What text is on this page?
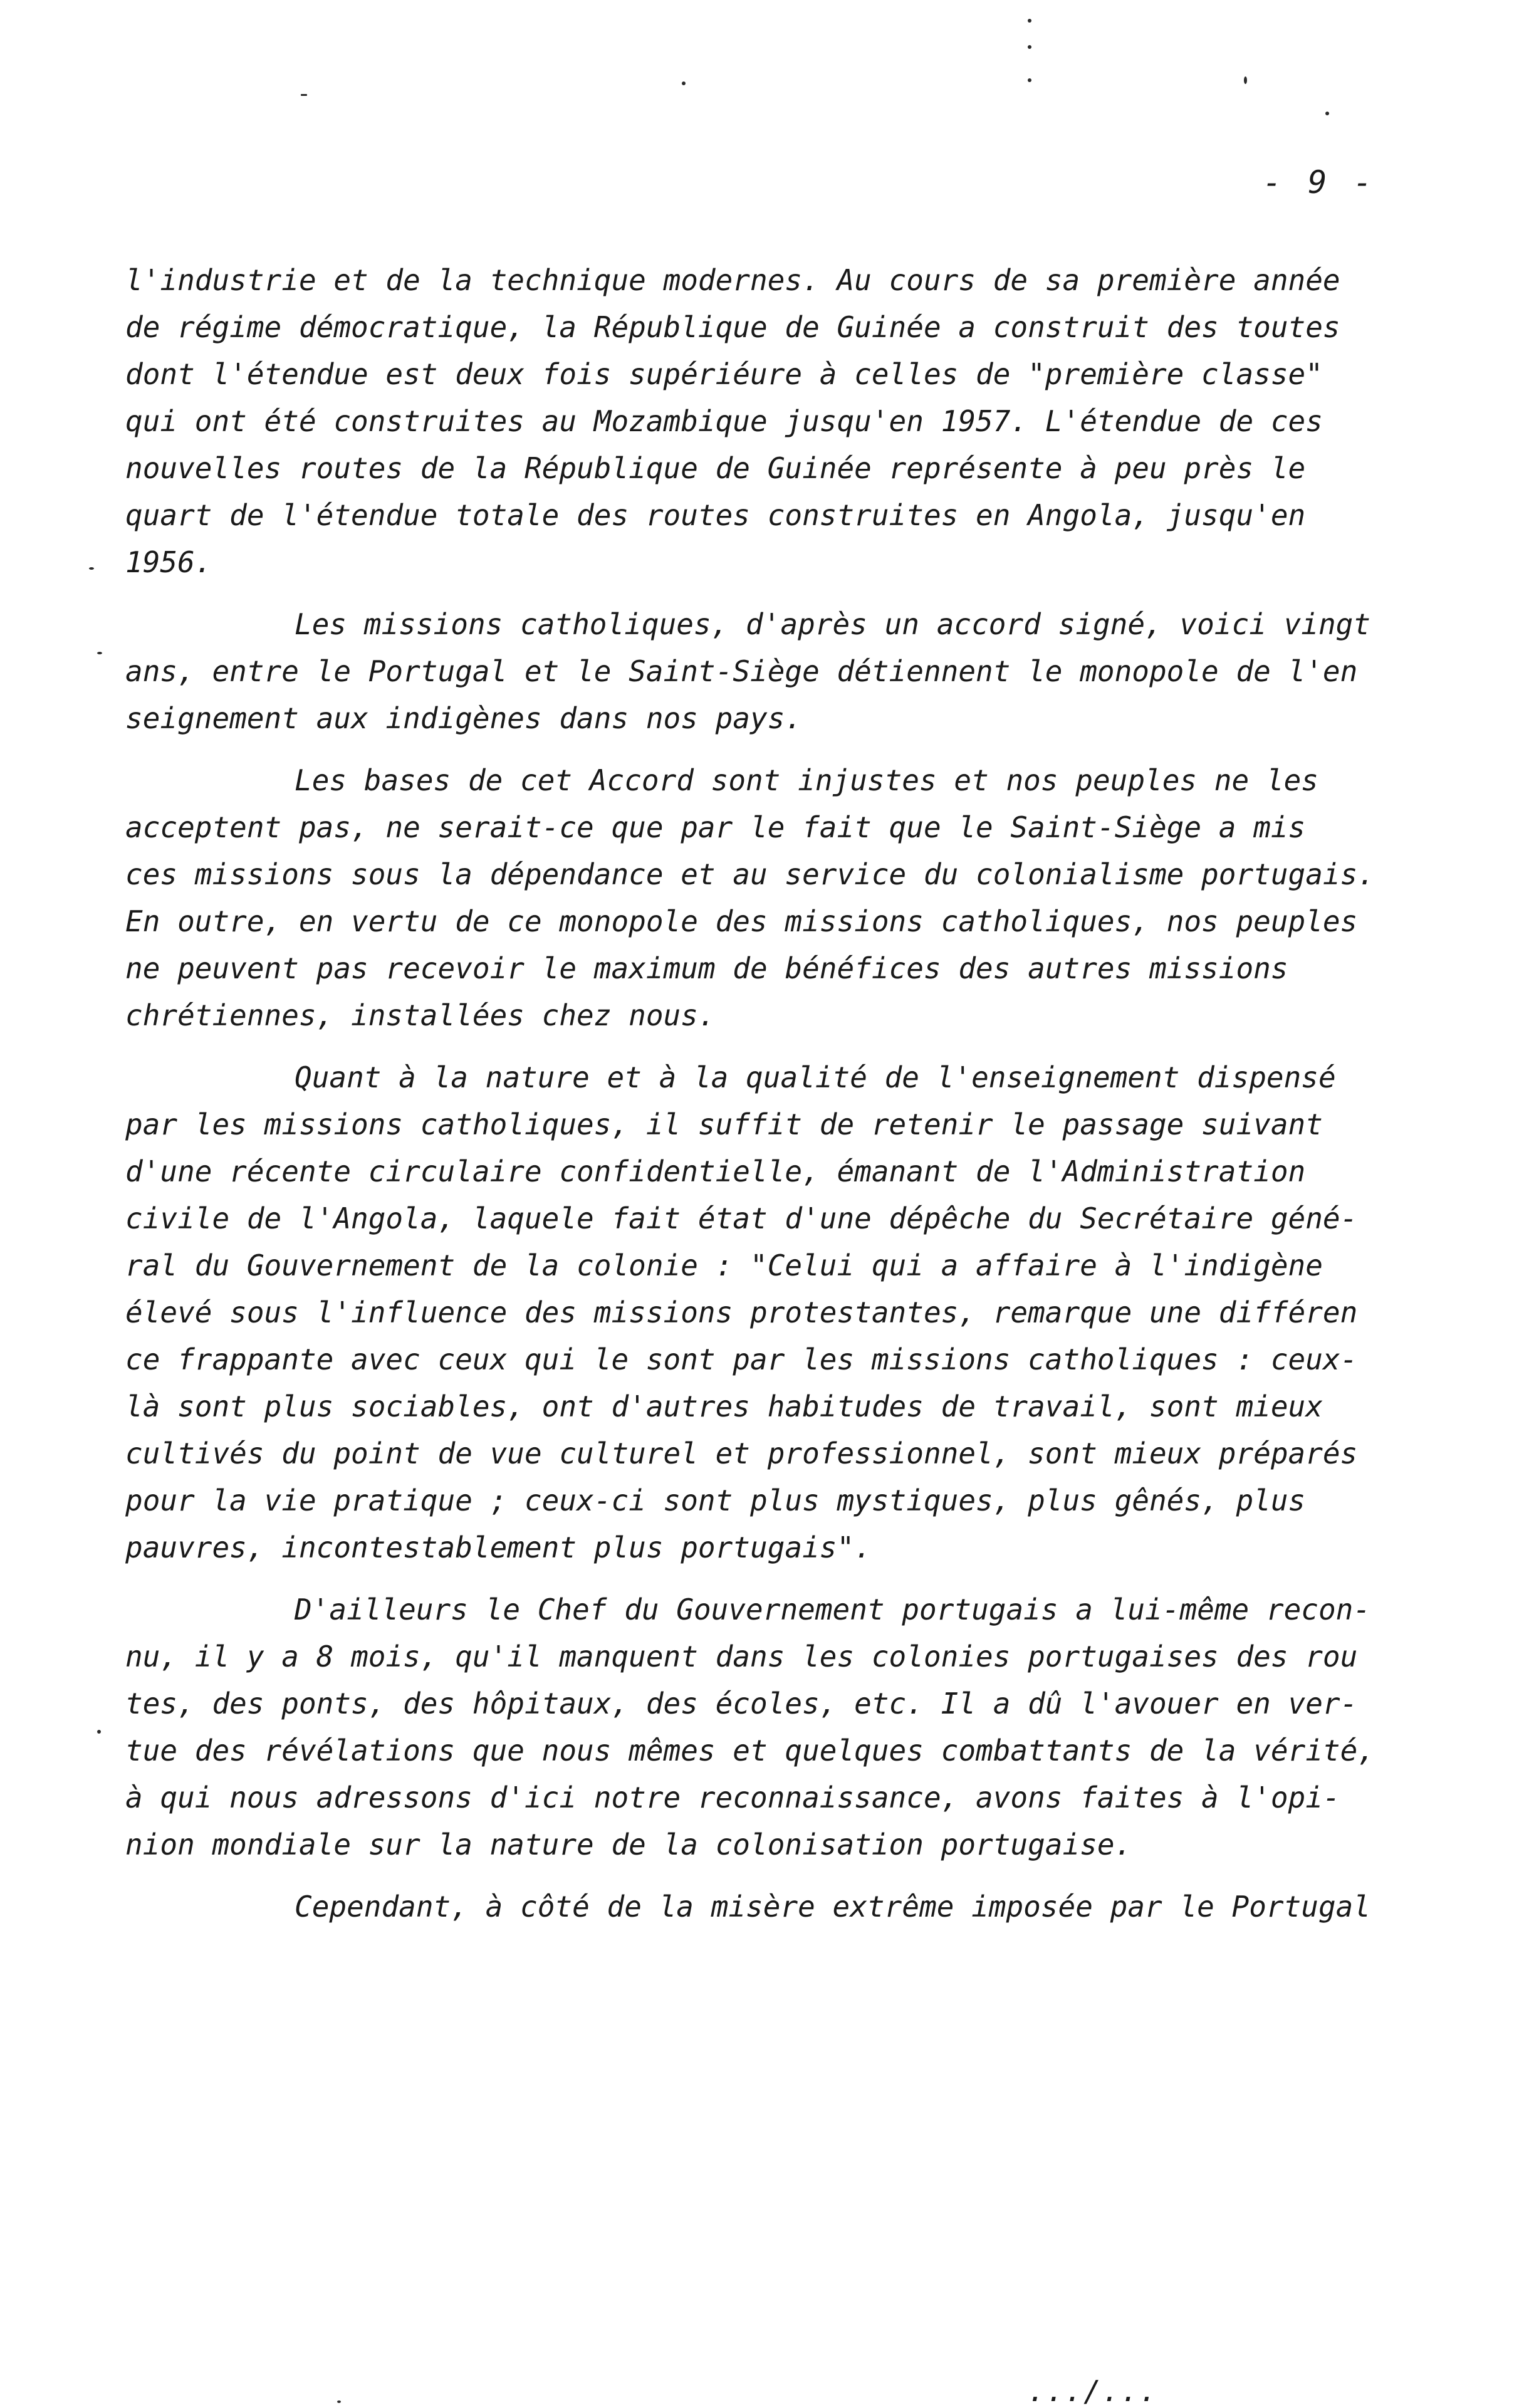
- 9 -
l'industrie et de la technique modernes. Au cours de sa première année
de régime démocratique, la République de Guinée a construit des toutes
dont l'étendue est deux fois supériéure à celles de "première classe"
qui ont été construites au Mozambique jusqu'en 1957. L'étendue de ces
nouvelles routes de la République de Guinée représente à peu près le
quart de l'étendue totale des routes construites en Angola, jusqu'en
1956.
Les missions catholiques, d'après un accord signé, voici vingt
ans, entre le Portugal et le Saint-Siège détiennent le monopole de l'en
seignement aux indigènes dans nos pays.
Les bases de cet Accord sont injustes et nos peuples ne les
acceptent pas, ne serait-ce que par le fait que le Saint-Siège a mis
ces missions sous la dépendance et au service du colonialisme portugais.
En outre, en vertu de ce monopole des missions catholiques, nos peuples
ne peuvent pas recevoir le maximum de bénéfices des autres missions
chrétiennes, installées chez nous.
Quant à la nature et à la qualité de l'enseignement dispensé
par les missions catholiques, il suffit de retenir le passage suivant
d'une récente circulaire confidentielle, émanant de l'Administration
civile de l'Angola, laquele fait état d'une dépêche du Secrétaire géné-
ral du Gouvernement de la colonie : "Celui qui a affaire à l'indigène
élevé sous l'influence des missions protestantes, remarque une différen
ce frappante avec ceux qui le sont par les missions catholiques : ceux-
là sont plus sociables, ont d'autres habitudes de travail, sont mieux
cultivés du point de vue culturel et professionnel, sont mieux préparés
pour la vie pratique ; ceux-ci sont plus mystiques, plus gênés, plus
pauvres, incontestablement plus portugais".
D'ailleurs le Chef du Gouvernement portugais a lui-même recon-
nu, il y a 8 mois, qu'il manquent dans les colonies portugaises des rou
tes, des ponts, des hôpitaux, des écoles, etc. Il a dû l'avouer en ver-
tue des révélations que nous mêmes et quelques combattants de la vérité,
à qui nous adressons d'ici notre reconnaissance, avons faites à l'opi-
nion mondiale sur la nature de la colonisation portugaise.
Cependant, à côté de la misère extrême imposée par le Portugal
.../...
